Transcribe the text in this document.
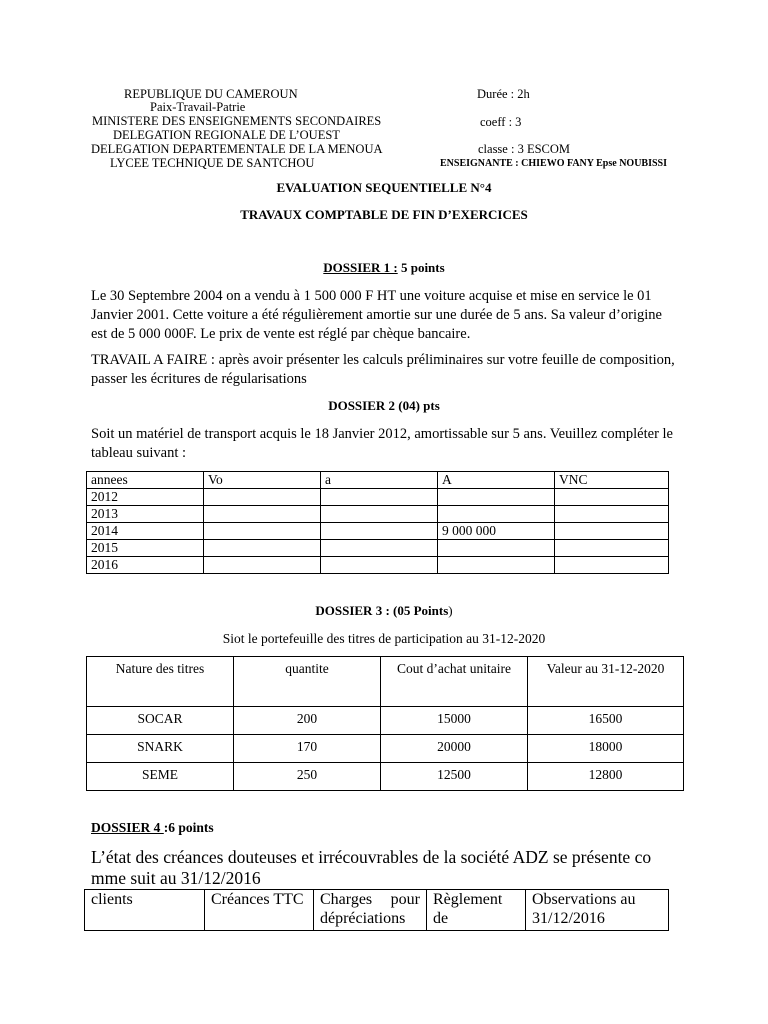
REPUBLIQUE DU CAMEROUN
Paix-Travail-Patrie
MINISTERE DES ENSEIGNEMENTS SECONDAIRES
DELEGATION REGIONALE DE L’OUEST
DELEGATION DEPARTEMENTALE DE LA MENOUA
LYCEE TECHNIQUE DE SANTCHOU
Durée : 2h
coeff : 3
classe : 3 ESCOM
ENSEIGNANTE : CHIEWO FANY Epse NOUBISSI
EVALUATION SEQUENTIELLE N°4
TRAVAUX COMPTABLE DE FIN D’EXERCICES
DOSSIER 1 : 5 points
Le 30 Septembre 2004 on a vendu à 1 500 000 F HT une voiture acquise et mise en service le 01 Janvier 2001. Cette voiture a été régulièrement amortie sur une durée de 5 ans. Sa valeur d’origine est de 5 000 000F. Le prix de vente est réglé par chèque bancaire.
TRAVAIL A FAIRE : après avoir présenter les calculs préliminaires sur votre feuille de composition, passer les écritures de régularisations
DOSSIER 2 (04) pts
Soit un matériel de transport acquis le 18 Janvier 2012, amortissable sur 5 ans. Veuillez compléter le tableau suivant :
annees	Vo	a	A	VNC
2012				
2013				
2014			9 000 000	
2015				
2016				
DOSSIER 3 : (05 Points)
Siot le portefeuille des titres de participation au 31-12-2020
Nature des titres	quantite	Cout d’achat unitaire	Valeur au 31-12-2020
SOCAR	200	15000	16500
SNARK	170	20000	18000
SEME	250	12500	12800
DOSSIER 4 :6 points
L’état des créances douteuses et irrécouvrables de la société ADZ se présente co mme suit au 31/12/2016
clients	Créances TTC	Charges pour dépréciations	Règlement de	Observations au 31/12/2016
